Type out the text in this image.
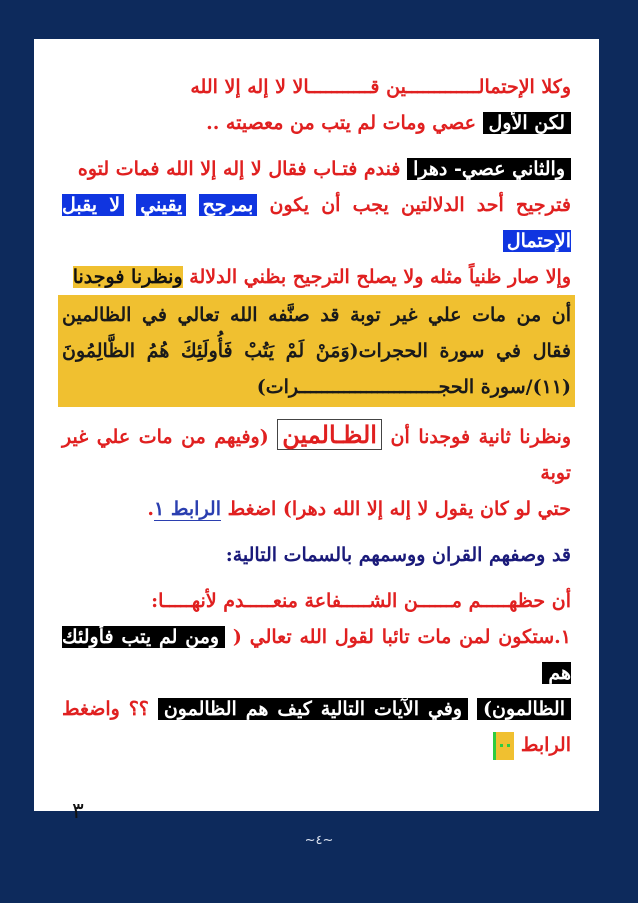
وكلا الإحتمالـــــــــــــين قـــــــــــالا لا إله إلا الله
لكن الأول عصي ومات لم يتب من معصيته ..

والثاني عصي- دهرا فندم فتـاب فقال لا إله إلا الله فمات لتوه

فترجيح أحد الدلالتين يجب أن يكون بمرجح يقيني لا يقبل الإحتمال
وإلا صار ظنياً مثله ولا يصلح الترجيح بظني الدلالة ونظرنا فوجدنا

أن من مات علي غير توبة قد صنَّفه الله تعالي في الظالمين فقال في سورة الحجرات(وَمَنْ لَمْ يَتُبْ فَأُولَئِكَ هُمُ الظَّالِمُونَ (١١)/سورة الحجـــــــــــــــــــــــــرات)

ونظرنا ثانية فوجدنا أن الظـالمين (وفيهم من مات علي غير توبة
حتي لو كان يقول لا إله إلا الله دهرا) اضغط الرابط ١.

قد وصفهم القران ووسمهم بالسمات التالية:

أن حظهـــــم مــــــن الشـــــفاعة منعـــــدم لأنهـــــا:

١.ستكون لمن مات تائبا لقول الله تعالي ( ومن لم يتب فأولئك هم
الظالمون) وفي الآيات التالية كيف هم الظالمون ؟؟ واضغط الرابط

٣
~٤~
